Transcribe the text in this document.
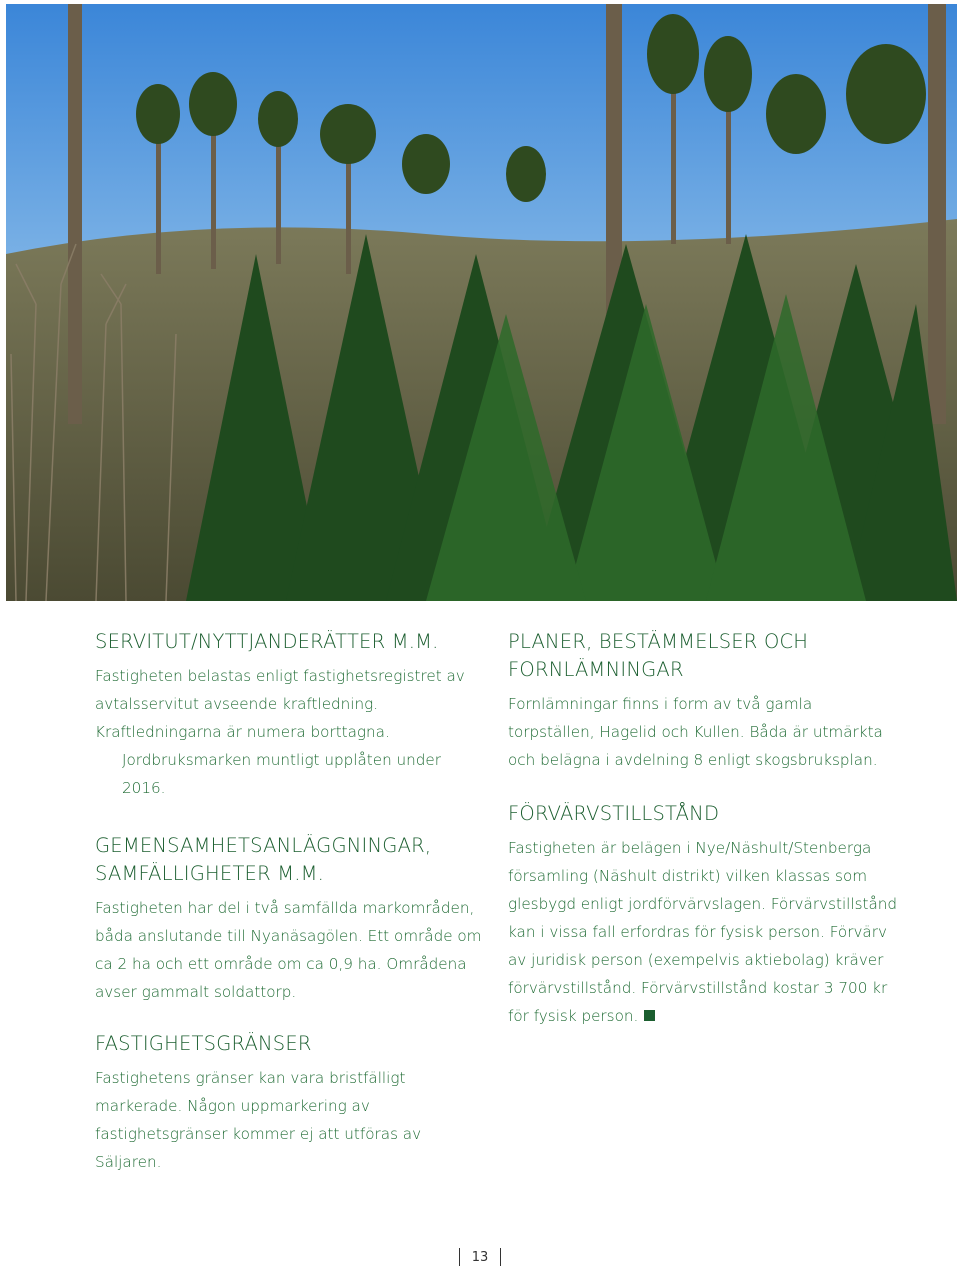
SERVITUT/NYTTJANDERÄTTER M.M.

Fastigheten belastas enligt fastighetsregistret av avtalsservitut avseende kraftledning. Kraftledningarna är numera borttagna.
Jordbruksmarken muntligt upplåten under 2016.

GEMENSAMHETSANLÄGGNINGAR, SAMFÄLLIGHETER M.M.

Fastigheten har del i två samfällda markområden, båda anslutande till Nyanäsagölen. Ett område om ca 2 ha och ett område om ca 0,9 ha. Områdena avser gammalt soldattorp.

FASTIGHETSGRÄNSER

Fastighetens gränser kan vara bristfälligt markerade. Någon uppmarkering av fastighetsgränser kommer ej att utföras av Säljaren.

PLANER, BESTÄMMELSER OCH FORNLÄMNINGAR

Fornlämningar finns i form av två gamla torpställen, Hagelid och Kullen. Båda är utmärkta och belägna i avdelning 8 enligt skogsbruksplan.

FÖRVÄRVSTILLSTÅND

Fastigheten är belägen i Nye/Näshult/Stenberga församling (Näshult distrikt) vilken klassas som glesbygd enligt jordförvärvslagen. Förvärvstillstånd kan i vissa fall erfordras för fysisk person. Förvärv av juridisk person (exempelvis aktiebolag) kräver förvärvstillstånd. Förvärvstillstånd kostar 3 700 kr för fysisk person.

13
